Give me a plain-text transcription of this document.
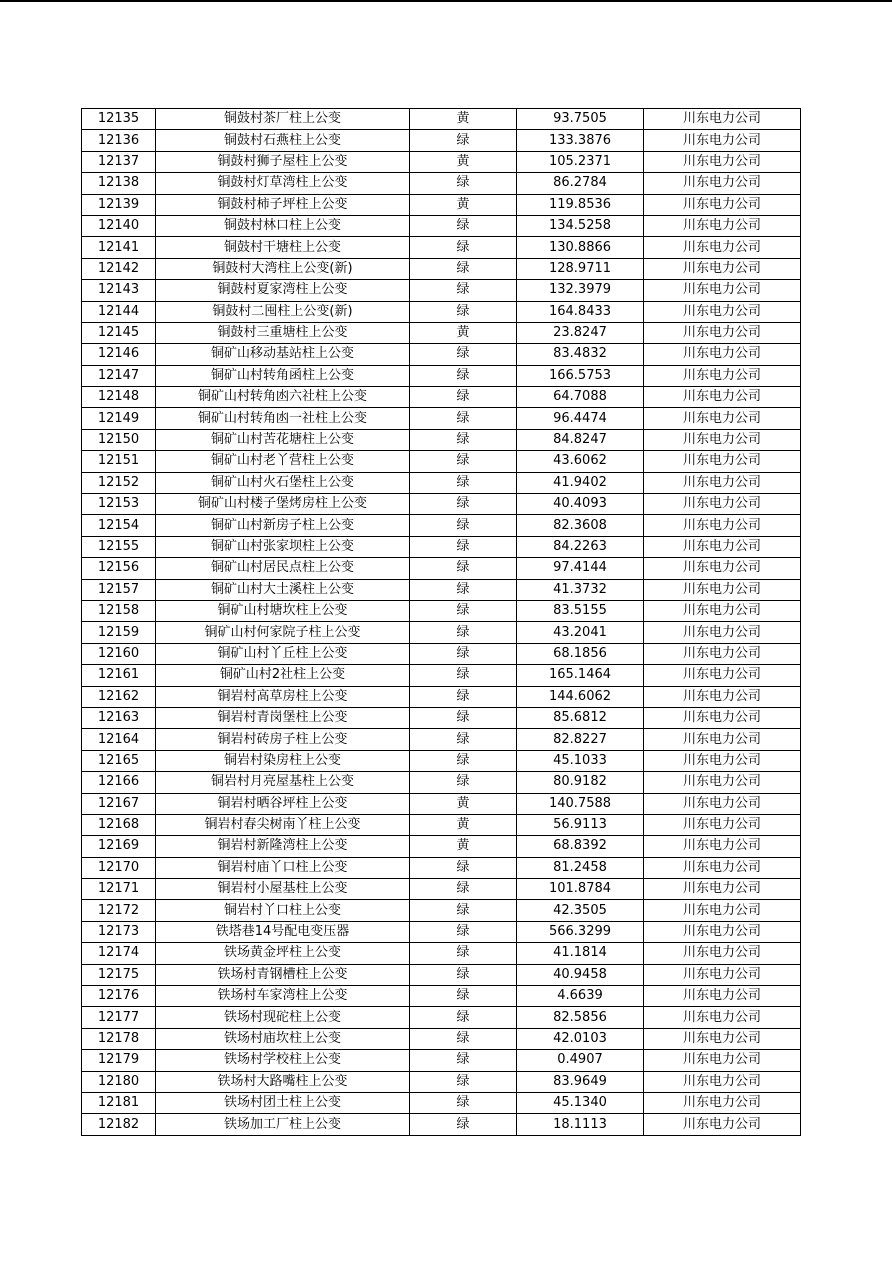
12135	铜鼓村茶厂柱上公变	黄	93.7505	川东电力公司
12136	铜鼓村石燕柱上公变	绿	133.3876	川东电力公司
12137	铜鼓村狮子屋柱上公变	黄	105.2371	川东电力公司
12138	铜鼓村灯草湾柱上公变	绿	86.2784	川东电力公司
12139	铜鼓村柿子坪柱上公变	黄	119.8536	川东电力公司
12140	铜鼓村林口柱上公变	绿	134.5258	川东电力公司
12141	铜鼓村干塘柱上公变	绿	130.8866	川东电力公司
12142	铜鼓村大湾柱上公变(新)	绿	128.9711	川东电力公司
12143	铜鼓村夏家湾柱上公变	绿	132.3979	川东电力公司
12144	铜鼓村二囤柱上公变(新)	绿	164.8433	川东电力公司
12145	铜鼓村三重塘柱上公变	黄	23.8247	川东电力公司
12146	铜矿山移动基站柱上公变	绿	83.4832	川东电力公司
12147	铜矿山村转角函柱上公变	绿	166.5753	川东电力公司
12148	铜矿山村转角凼六社柱上公变	绿	64.7088	川东电力公司
12149	铜矿山村转角凼一社柱上公变	绿	96.4474	川东电力公司
12150	铜矿山村苦花塘柱上公变	绿	84.8247	川东电力公司
12151	铜矿山村老丫营柱上公变	绿	43.6062	川东电力公司
12152	铜矿山村火石堡柱上公变	绿	41.9402	川东电力公司
12153	铜矿山村楼子堡烤房柱上公变	绿	40.4093	川东电力公司
12154	铜矿山村新房子柱上公变	绿	82.3608	川东电力公司
12155	铜矿山村张家坝柱上公变	绿	84.2263	川东电力公司
12156	铜矿山村居民点柱上公变	绿	97.4144	川东电力公司
12157	铜矿山村大土溪柱上公变	绿	41.3732	川东电力公司
12158	铜矿山村塘坎柱上公变	绿	83.5155	川东电力公司
12159	铜矿山村何家院子柱上公变	绿	43.2041	川东电力公司
12160	铜矿山村丫丘柱上公变	绿	68.1856	川东电力公司
12161	铜矿山村2社柱上公变	绿	165.1464	川东电力公司
12162	铜岩村高草房柱上公变	绿	144.6062	川东电力公司
12163	铜岩村青岗堡柱上公变	绿	85.6812	川东电力公司
12164	铜岩村砖房子柱上公变	绿	82.8227	川东电力公司
12165	铜岩村染房柱上公变	绿	45.1033	川东电力公司
12166	铜岩村月亮屋基柱上公变	绿	80.9182	川东电力公司
12167	铜岩村晒谷坪柱上公变	黄	140.7588	川东电力公司
12168	铜岩村春尖树南丫柱上公变	黄	56.9113	川东电力公司
12169	铜岩村新隆湾柱上公变	黄	68.8392	川东电力公司
12170	铜岩村庙丫口柱上公变	绿	81.2458	川东电力公司
12171	铜岩村小屋基柱上公变	绿	101.8784	川东电力公司
12172	铜岩村丫口柱上公变	绿	42.3505	川东电力公司
12173	铁塔巷14号配电变压器	绿	566.3299	川东电力公司
12174	铁场黄金坪柱上公变	绿	41.1814	川东电力公司
12175	铁场村青钢槽柱上公变	绿	40.9458	川东电力公司
12176	铁场村车家湾柱上公变	绿	4.6639	川东电力公司
12177	铁场村现砣柱上公变	绿	82.5856	川东电力公司
12178	铁场村庙坎柱上公变	绿	42.0103	川东电力公司
12179	铁场村学校柱上公变	绿	0.4907	川东电力公司
12180	铁场村大路嘴柱上公变	绿	83.9649	川东电力公司
12181	铁场村团土柱上公变	绿	45.1340	川东电力公司
12182	铁场加工厂柱上公变	绿	18.1113	川东电力公司
